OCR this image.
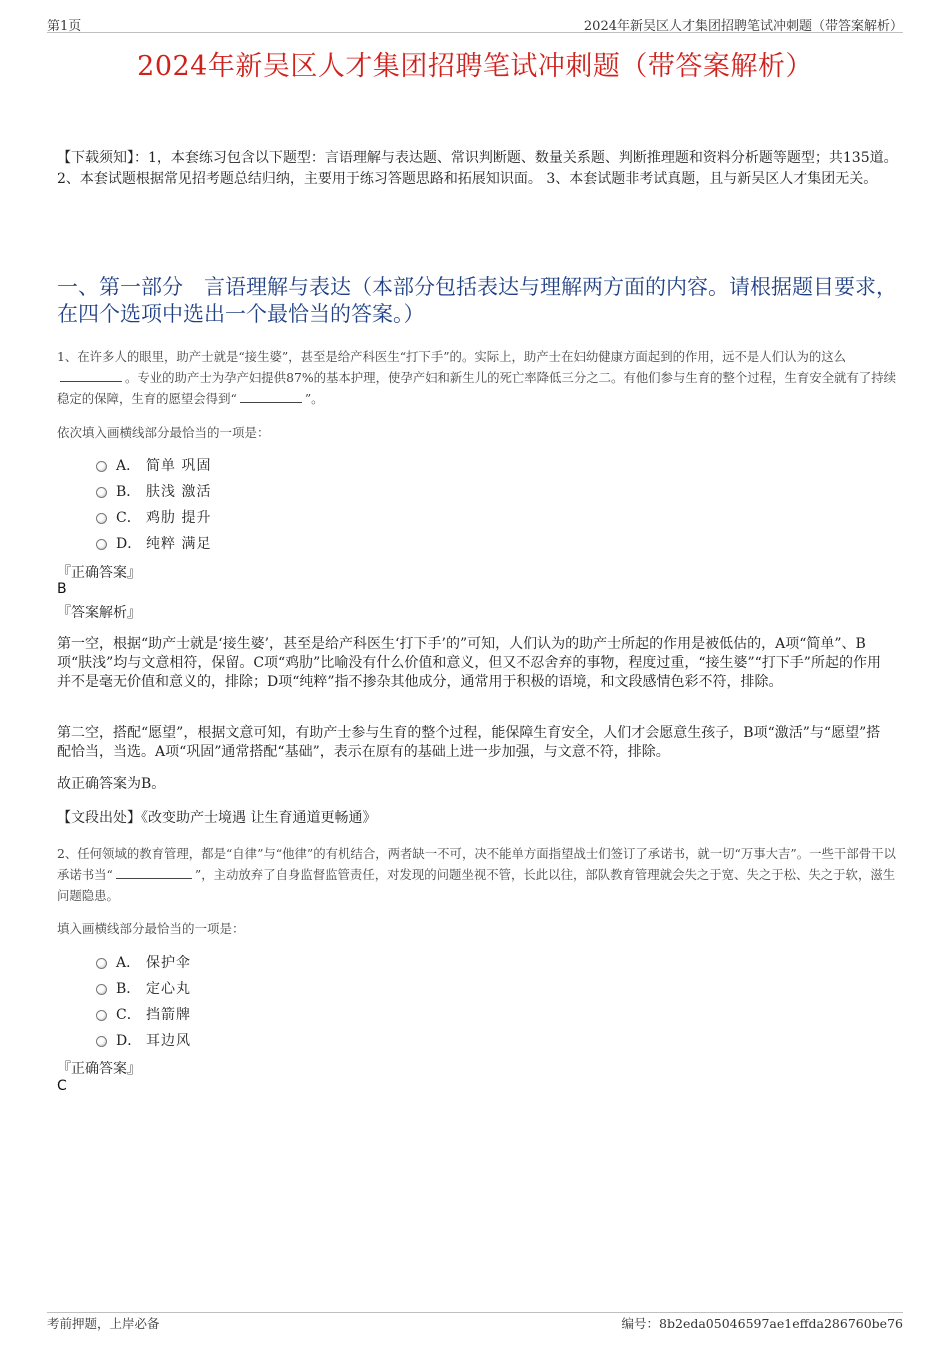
第1页	2024年新吴区人才集团招聘笔试冲刺题（带答案解析）
2024年新吴区人才集团招聘笔试冲刺题（带答案解析）

【下载须知】：1，本套练习包含以下题型：言语理解与表达题、常识判断题、数量关系题、判断推理题和资料分析题等题型；共135道。 2、本套试题根据常见招考题总结归纳，主要用于练习答题思路和拓展知识面。 3、本套试题非考试真题，且与新吴区人才集团无关。

一、第一部分　言语理解与表达（本部分包括表达与理解两方面的内容。请根据题目要求，在四个选项中选出一个最恰当的答案。）

1、在许多人的眼里，助产士就是“接生婆”，甚至是给产科医生“打下手”的。实际上，助产士在妇幼健康方面起到的作用，远不是人们认为的这么。专业的助产士为孕产妇提供87%的基本护理，使孕产妇和新生儿的死亡率降低三分之二。有他们参与生育的整个过程，生育安全就有了持续稳定的保障，生育的愿望会得到“	”。

依次填入画横线部分最恰当的一项是：

A． 简单 巩固
B． 肤浅 激活
C． 鸡肋 提升
D． 纯粹 满足

『正确答案』

B

『答案解析』

第一空，根据“助产士就是‘接生婆’，甚至是给产科医生‘打下手’的”可知，人们认为的助产士所起的作用是被低估的，A项“简单”、B项“肤浅”均与文意相符，保留。C项“鸡肋”比喻没有什么价值和意义，但又不忍舍弃的事物，程度过重，“接生婆”“打下手”所起的作用并不是毫无价值和意义的，排除；D项“纯粹”指不掺杂其他成分，通常用于积极的语境，和文段感情色彩不符，排除。

第二空，搭配“愿望”，根据文意可知，有助产士参与生育的整个过程，能保障生育安全，人们才会愿意生孩子，B项“激活”与“愿望”搭配恰当，当选。A项“巩固”通常搭配“基础”，表示在原有的基础上进一步加强，与文意不符，排除。

故正确答案为B。

【文段出处】《改变助产士境遇 让生育通道更畅通》

2、任何领域的教育管理，都是“自律”与“他律”的有机结合，两者缺一不可，决不能单方面指望战士们签订了承诺书，就一切“万事大吉”。一些干部骨干以承诺书当“	”，主动放弃了自身监督监管责任，对发现的问题坐视不管，长此以往，部队教育管理就会失之于宽、失之于松、失之于软，滋生问题隐患。

填入画横线部分最恰当的一项是：

A． 保护伞
B． 定心丸
C． 挡箭牌
D． 耳边风

『正确答案』

C

考前押题，上岸必备	编号：8b2eda05046597ae1effda286760be76
